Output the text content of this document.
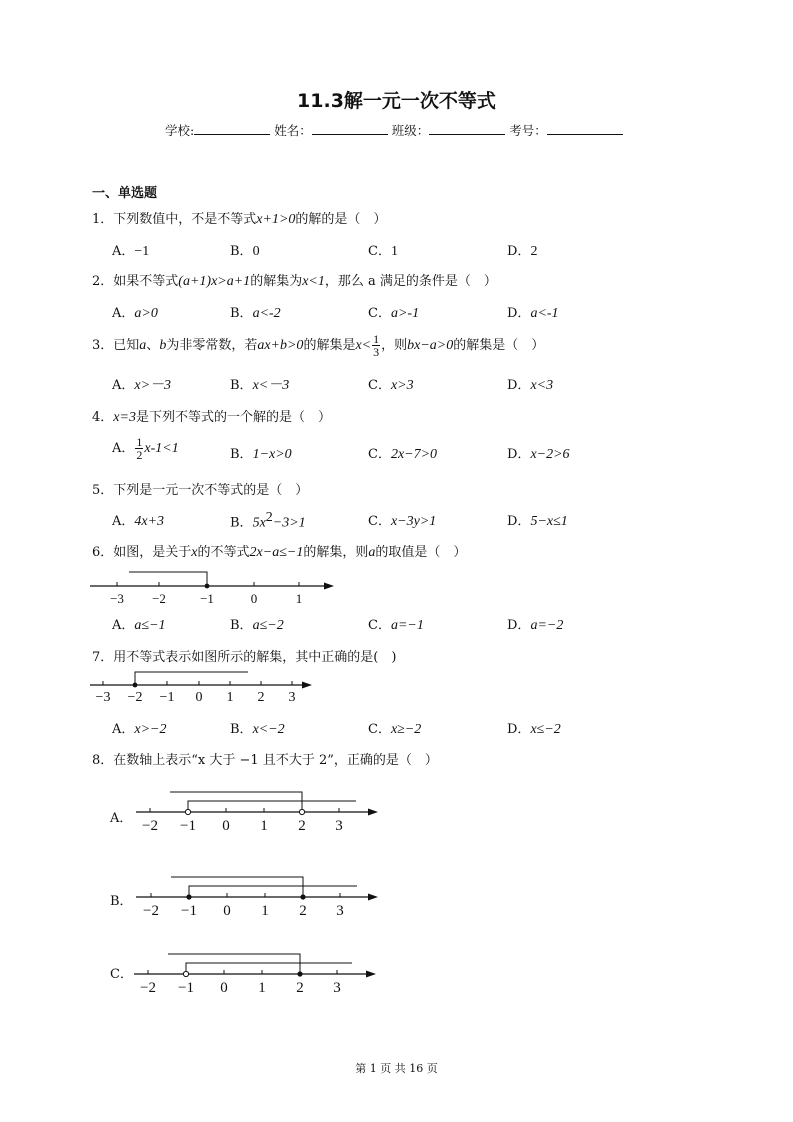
11.3解一元一次不等式
学校:	姓名：	班级：	考号：
一、单选题
1．下列数值中，不是不等式x+1>0的解的是（　）
A．−1	B．0	C．1	D．2
2．如果不等式(a+1)x>a+1的解集为x<1，那么 a 满足的条件是（　）
A．a>0	B．a<-2	C．a>-1	D．a<-1
3．已知a、b为非零常数，若ax+b>0的解集是$x< \frac{1}{3}$ ，则bx−a>0的解集是（　）
A．x>－3	B．x<－3	C．x>3	D．x<3
4．x=3是下列不等式的一个解的是（　）
A． $\frac{1}{2} x-1<1$	B．1−x>0	C．2x−7>0	D．x−2>6
5．下列是一元一次不等式的是（　）
A．4x+3	B．$5x^2-3>1$	C．x−3y>1	D．5−x≤1
6．如图，是关于x的不等式2x−a≤−1的解集，则a的取值是（　）
−3 −2	−1	0	1
A．a≤−1	B．a≤−2	C．a=−1	D．a=−2
7．用不等式表示如图所示的解集，其中正确的是(　)
−3 −2 −1 0 1 2 3
A．x>−2	B．x<−2	C．x≥−2	D．x≤−2
8．在数轴上表示“x 大于 −1 且不大于 2”，正确的是（　）
A． −2 −1 0 1 2 3
B．
−2 −1 0 1 2 3
C．
−2 −1 0 1 2 3
第 1 页 共 16 页
